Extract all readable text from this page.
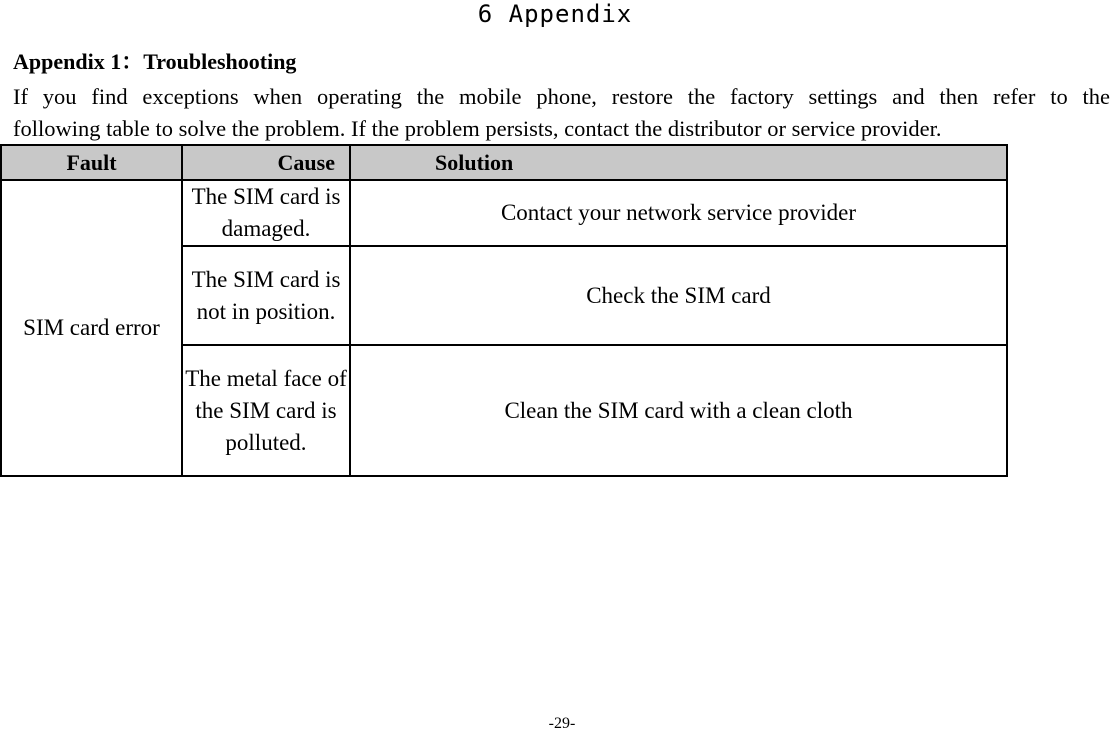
6 Appendix
Appendix 1：Troubleshooting
If you find exceptions when operating the mobile phone, restore the factory settings and then refer to the
following table to solve the problem. If the problem persists, contact the distributor or service provider.
Fault	Cause	Solution
SIM card error	The SIM card is damaged.	Contact your network service provider
	The SIM card is not in position.	Check the SIM card
	The metal face of the SIM card is polluted.	Clean the SIM card with a clean cloth
-29-
